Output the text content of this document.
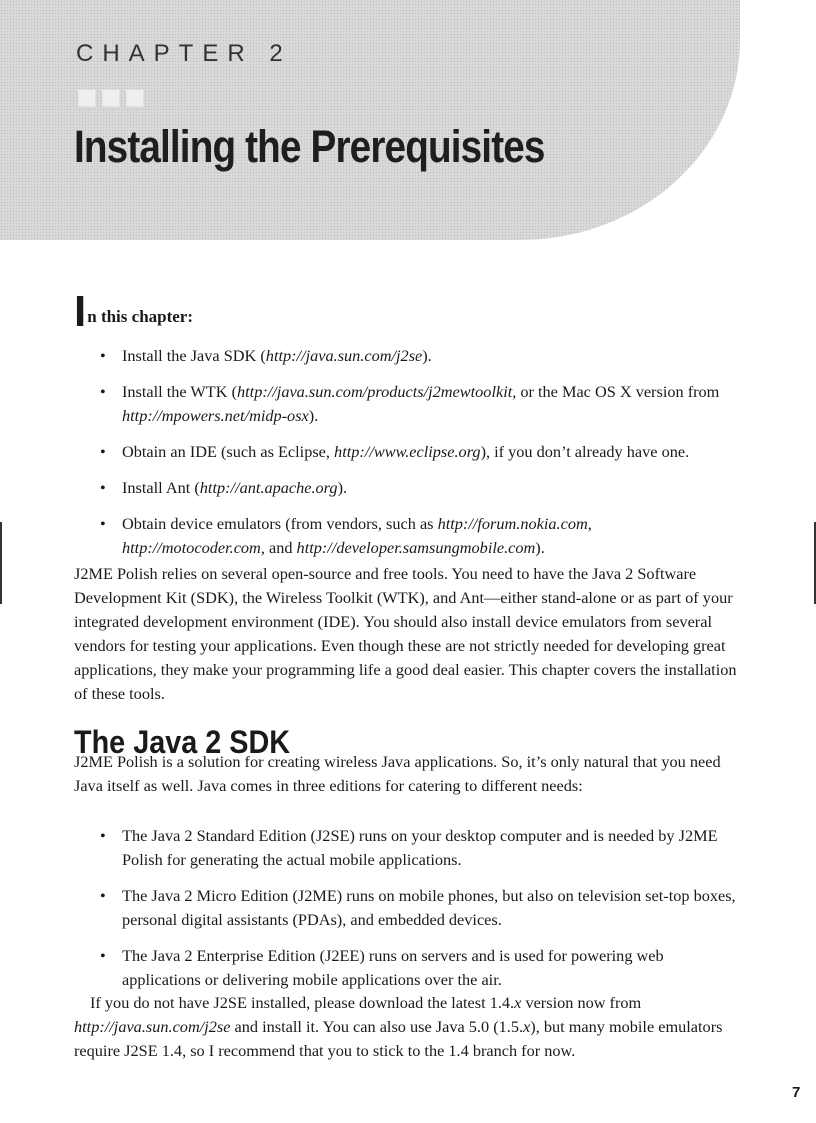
CHAPTER 2
Installing the Prerequisites

In this chapter:

• Install the Java SDK (http://java.sun.com/j2se).
• Install the WTK (http://java.sun.com/products/j2mewtoolkit, or the Mac OS X version from http://mpowers.net/midp-osx).
• Obtain an IDE (such as Eclipse, http://www.eclipse.org), if you don’t already have one.
• Install Ant (http://ant.apache.org).
• Obtain device emulators (from vendors, such as http://forum.nokia.com, http://motocoder.com, and http://developer.samsungmobile.com).

J2ME Polish relies on several open-source and free tools. You need to have the Java 2 Software Development Kit (SDK), the Wireless Toolkit (WTK), and Ant—either stand-alone or as part of your integrated development environment (IDE). You should also install device emulators from several vendors for testing your applications. Even though these are not strictly needed for developing great applications, they make your programming life a good deal easier. This chapter covers the installation of these tools.

The Java 2 SDK

J2ME Polish is a solution for creating wireless Java applications. So, it’s only natural that you need Java itself as well. Java comes in three editions for catering to different needs:

• The Java 2 Standard Edition (J2SE) runs on your desktop computer and is needed by J2ME Polish for generating the actual mobile applications.
• The Java 2 Micro Edition (J2ME) runs on mobile phones, but also on television set-top boxes, personal digital assistants (PDAs), and embedded devices.
• The Java 2 Enterprise Edition (J2EE) runs on servers and is used for powering web applications or delivering mobile applications over the air.

If you do not have J2SE installed, please download the latest 1.4.x version now from http://java.sun.com/j2se and install it. You can also use Java 5.0 (1.5.x), but many mobile emulators require J2SE 1.4, so I recommend that you to stick to the 1.4 branch for now.

7
